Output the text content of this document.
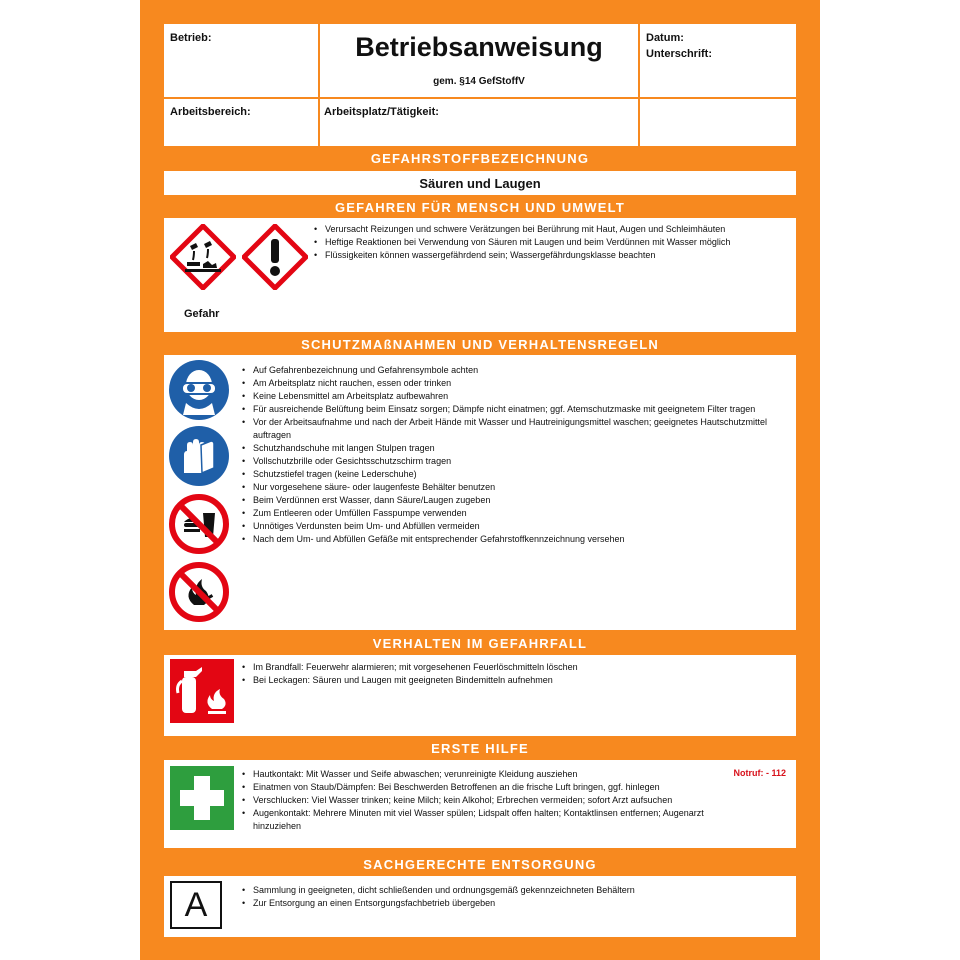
Betrieb:	Betriebsanweisung
gem. §14 GefStoffV
Datum:
Unterschrift:
Arbeitsbereich:	Arbeitsplatz/Tätigkeit:
GEFAHRSTOFFBEZEICHNUNG
Säuren und Laugen
GEFAHREN FÜR MENSCH UND UMWELT
Gefahr
• Verursacht Reizungen und schwere Verätzungen bei Berührung mit Haut, Augen und Schleimhäuten
• Heftige Reaktionen bei Verwendung von Säuren mit Laugen und beim Verdünnen mit Wasser möglich
• Flüssigkeiten können wassergefährdend sein; Wassergefährdungsklasse beachten
SCHUTZMAßNAHMEN UND VERHALTENSREGELN
• Auf Gefahrenbezeichnung und Gefahrensymbole achten
• Am Arbeitsplatz nicht rauchen, essen oder trinken
• Keine Lebensmittel am Arbeitsplatz aufbewahren
• Für ausreichende Belüftung beim Einsatz sorgen; Dämpfe nicht einatmen; ggf. Atemschutzmaske mit geeignetem Filter tragen
• Vor der Arbeitsaufnahme und nach der Arbeit Hände mit Wasser und Hautreinigungsmittel waschen; geeignetes Hautschutzmittel auftragen
• Schutzhandschuhe mit langen Stulpen tragen
• Vollschutzbrille oder Gesichtsschutzschirm tragen
• Schutzstiefel tragen (keine Lederschuhe)
• Nur vorgesehene säure- oder laugenfeste Behälter benutzen
• Beim Verdünnen erst Wasser, dann Säure/Laugen zugeben
• Zum Entleeren oder Umfüllen Fasspumpe verwenden
• Unnötiges Verdunsten beim Um- und Abfüllen vermeiden
• Nach dem Um- und Abfüllen Gefäße mit entsprechender Gefahrstoffkennzeichnung versehen
VERHALTEN IM GEFAHRFALL
• Im Brandfall: Feuerwehr alarmieren; mit vorgesehenen Feuerlöschmitteln löschen
• Bei Leckagen: Säuren und Laugen mit geeigneten Bindemitteln aufnehmen
ERSTE HILFE
• Hautkontakt: Mit Wasser und Seife abwaschen; verunreinigte Kleidung ausziehen
• Einatmen von Staub/Dämpfen: Bei Beschwerden Betroffenen an die frische Luft bringen, ggf. hinlegen
• Verschlucken: Viel Wasser trinken; keine Milch; kein Alkohol; Erbrechen vermeiden; sofort Arzt aufsuchen
• Augenkontakt: Mehrere Minuten mit viel Wasser spülen; Lidspalt offen halten; Kontaktlinsen entfernen; Augenarzt hinzuziehen
Notruf: - 112
SACHGERECHTE ENTSORGUNG
A
•	Sammlung in geeigneten, dicht schließenden und ordnungsgemäß gekennzeichneten Behältern
• Zur Entsorgung an einen Entsorgungsfachbetrieb übergeben
